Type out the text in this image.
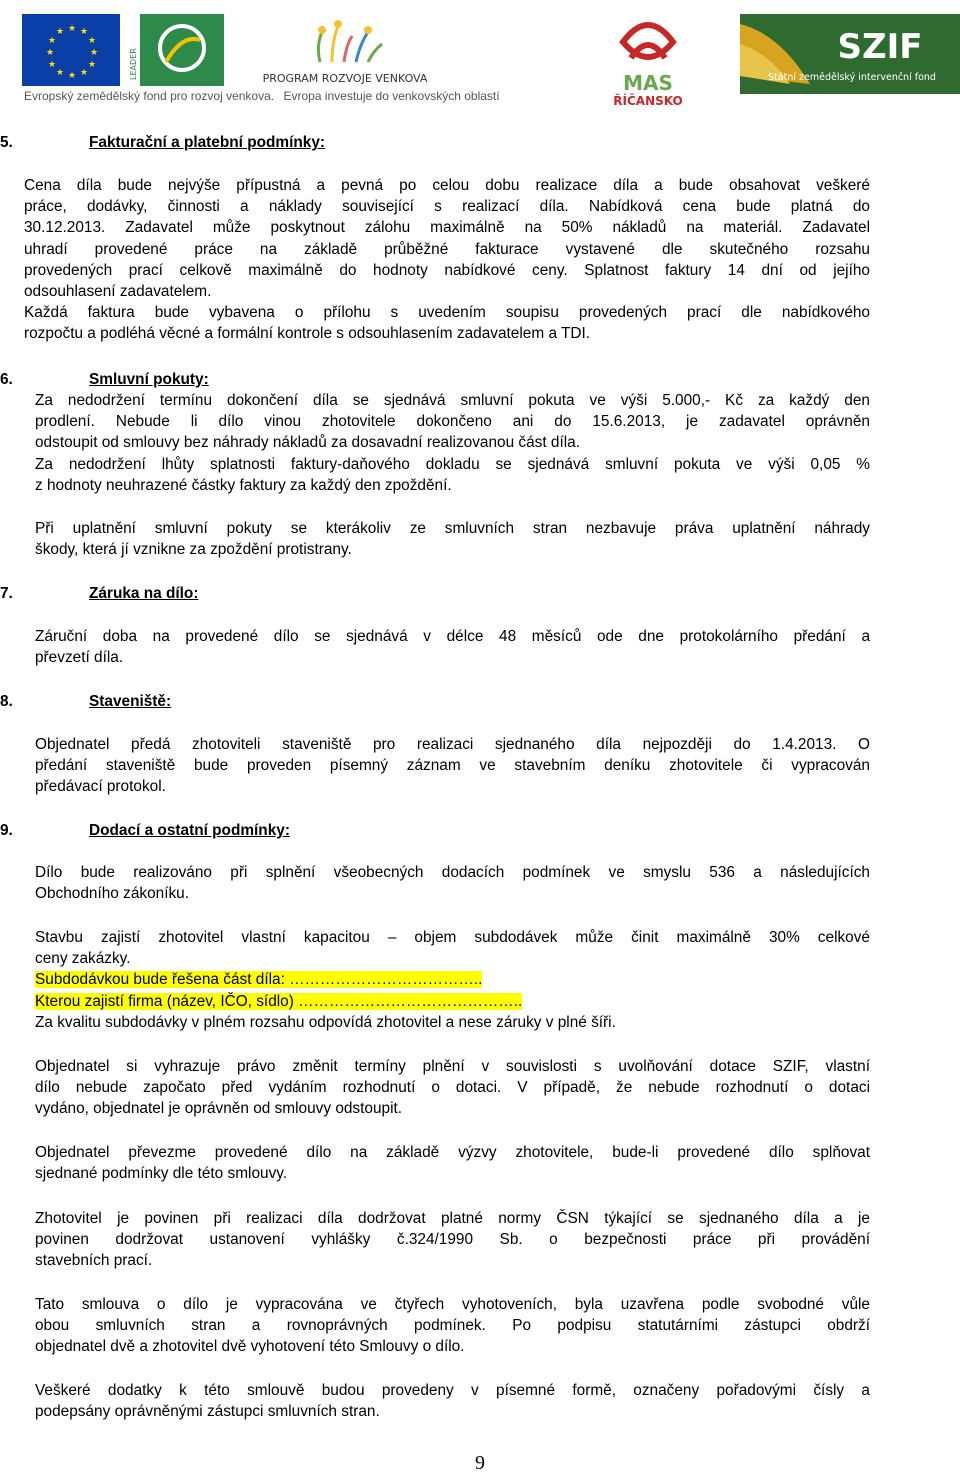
★ ★
★
★
★
★
★
★
★
★
★
★
LEADER	PROGRAM ROZVOJE VENKOVA	MAS
ŘÍČANSKO
SZIF
Státní zemědělský intervenční fond
Evropský zemědělský fond pro rozvoj venkova. Evropa investuje do venkovských oblastí
5.	Fakturační a platební podmínky:
Cena díla bude nejvýše přípustná a pevná po celou dobu realizace díla a bude obsahovat veškeré
práce, dodávky, činnosti a náklady související s realizací díla. Nabídková cena bude platná do
30.12.2013. Zadavatel může poskytnout zálohu maximálně na 50% nákladů na materiál. Zadavatel
uhradí provedené práce na základě průběžné fakturace vystavené dle skutečného rozsahu
provedených prací celkově maximálně do hodnoty nabídkové ceny. Splatnost faktury 14 dní od jejího
odsouhlasení zadavatelem.
Každá faktura bude vybavena o přílohu s uvedením soupisu provedených prací dle nabídkového
rozpočtu a podléhá věcné a formální kontrole s odsouhlasením zadavatelem a TDI.
6.	Smluvní pokuty:
Za nedodržení termínu dokončení díla se sjednává smluvní pokuta ve výši 5.000,- Kč za každý den
prodlení. Nebude li dílo vinou zhotovitele dokončeno ani do 15.6.2013, je zadavatel oprávněn
odstoupit od smlouvy bez náhrady nákladů za dosavadní realizovanou část díla.
Za nedodržení lhůty splatnosti faktury-daňového dokladu se sjednává smluvní pokuta ve výši 0,05 %
z hodnoty neuhrazené částky faktury za každý den zpoždění.
Při uplatnění smluvní pokuty se kterákoliv ze smluvních stran nezbavuje práva uplatnění náhrady
škody, která jí vznikne za zpoždění protistrany.
7.	Záruka na dílo:
Záruční doba na provedené dílo se sjednává v délce 48 měsíců ode dne protokolárního předání a
převzetí díla.
8.	Staveniště:
Objednatel předá zhotoviteli staveniště pro realizaci sjednaného díla nejpozději do 1.4.2013. O
předání staveniště bude proveden písemný záznam ve stavebním deníku zhotovitele či vypracován
předávací protokol.
9.	Dodací a ostatní podmínky:
Dílo bude realizováno při splnění všeobecných dodacích podmínek ve smyslu 536 a následujících
Obchodního zákoníku.
Stavbu zajistí zhotovitel vlastní kapacitou – objem subdodávek může činit maximálně 30% celkové
ceny zakázky.
Subdodávkou bude řešena část díla: ………………………………..
Kterou zajistí firma (název, IČO, sídlo) ……………………………………..
Za kvalitu subdodávky v plném rozsahu odpovídá zhotovitel a nese záruky v plné šíři.
Objednatel si vyhrazuje právo změnit termíny plnění v souvislosti s uvolňování dotace SZIF, vlastní
dílo nebude započato před vydáním rozhodnutí o dotaci. V případě, že nebude rozhodnutí o dotaci
vydáno, objednatel je oprávněn od smlouvy odstoupit.
Objednatel převezme provedené dílo na základě výzvy zhotovitele, bude-li provedené dílo splňovat
sjednané podmínky dle této smlouvy.
Zhotovitel je povinen při realizaci díla dodržovat platné normy ČSN týkající se sjednaného díla a je
povinen dodržovat ustanovení vyhlášky č.324/1990 Sb. o bezpečnosti práce při provádění
stavebních prací.
Tato smlouva o dílo je vypracována ve čtyřech vyhotoveních, byla uzavřena podle svobodné vůle
obou smluvních stran a rovnoprávných podmínek. Po podpisu statutárními zástupci obdrží
objednatel dvě a zhotovitel dvě vyhotovení této Smlouvy o dílo.
Veškeré dodatky k této smlouvě budou provedeny v písemné formě, označeny pořadovými čísly a
podepsány oprávněnými zástupci smluvních stran.
9
